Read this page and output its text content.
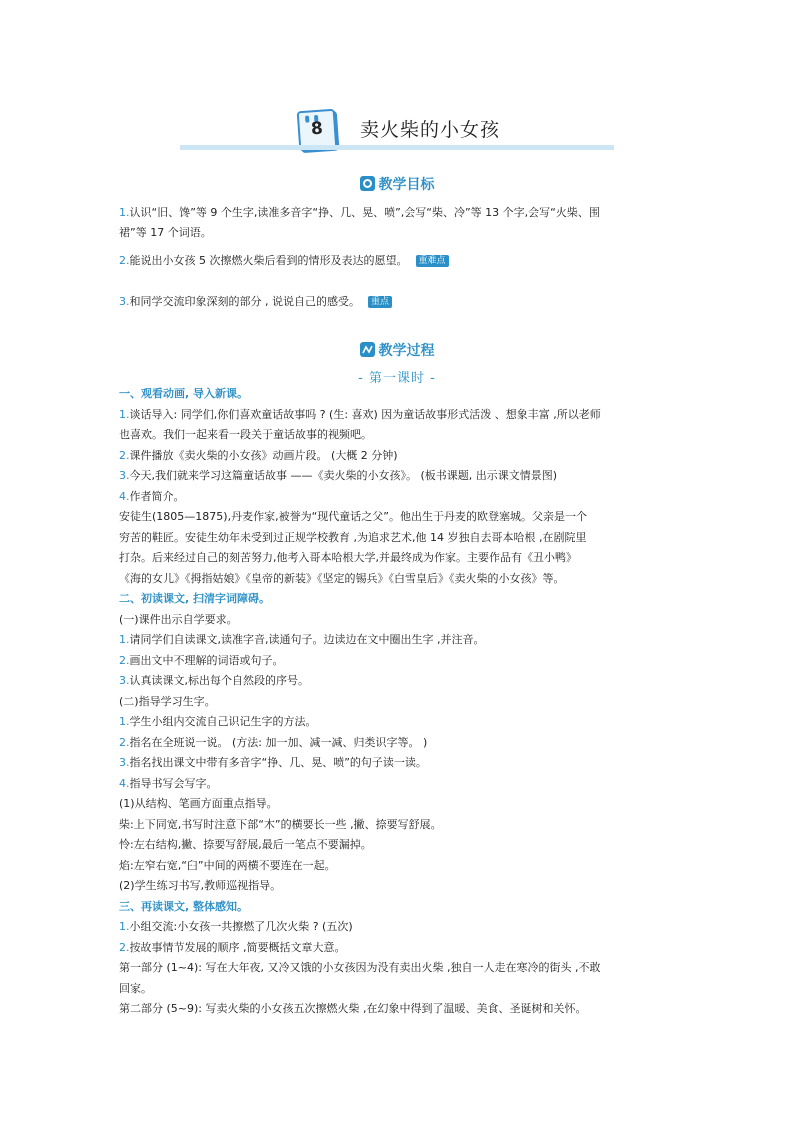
8	卖火柴的小女孩
教学目标
1.认识“旧、馋”等 9 个生字,读准多音字“挣、几、晃、喷”,会写“柴、冷”等 13 个字,会写“火柴、围
裙”等 17 个词语。
2.能说出小女孩 5 次擦燃火柴后看到的情形及表达的愿望。 重难点
3.和同学交流印象深刻的部分 , 说说自己的感受。 重点
教学过程
- 第一课时 -
一、观看动画, 导入新课。
1.谈话导入: 同学们,你们喜欢童话故事吗 ? (生: 喜欢) 因为童话故事形式活泼 、想象丰富 ,所以老师
也喜欢。我们一起来看一段关于童话故事的视频吧。
2.课件播放《卖火柴的小女孩》动画片段。 (大概 2 分钟)
3.今天,我们就来学习这篇童话故事 ——《卖火柴的小女孩》。 (板书课题, 出示课文情景图)
4.作者简介。
安徒生(1805—1875),丹麦作家,被誉为“现代童话之父”。他出生于丹麦的欧登塞城。父亲是一个
穷苦的鞋匠。安徒生幼年未受到过正规学校教育 ,为追求艺术,他 14 岁独自去哥本哈根 ,在剧院里
打杂。后来经过自己的刻苦努力,他考入哥本哈根大学,并最终成为作家。主要作品有《丑小鸭》
《海的女儿》《拇指姑娘》《皇帝的新装》《坚定的锡兵》《白雪皇后》《卖火柴的小女孩》等。
二、初读课文, 扫清字词障碍。
(一)课件出示自学要求。
1.请同学们自读课文,读准字音,读通句子。边读边在文中圈出生字 ,并注音。
2.画出文中不理解的词语或句子。
3.认真读课文,标出每个自然段的序号。
(二)指导学习生字。
1.学生小组内交流自己识记生字的方法。
2.指名在全班说一说。 (方法: 加一加、减一减、归类识字等。 )
3.指名找出课文中带有多音字“挣、几、晃、喷”的句子读一读。
4.指导书写会写字。
(1)从结构、笔画方面重点指导。
柴:上下同宽,书写时注意下部“木”的横要长一些 ,撇、捺要写舒展。
怜:左右结构,撇、捺要写舒展,最后一笔点不要漏掉。
焰:左窄右宽,“臼”中间的两横不要连在一起。
(2)学生练习书写,教师巡视指导。
三、再读课文, 整体感知。
1.小组交流:小女孩一共擦燃了几次火柴 ? (五次)
2.按故事情节发展的顺序 ,简要概括文章大意。
第一部分 (1~4): 写在大年夜, 又冷又饿的小女孩因为没有卖出火柴 ,独自一人走在寒冷的街头 ,不敢
回家。
第二部分 (5~9): 写卖火柴的小女孩五次擦燃火柴 ,在幻象中得到了温暖、美食、圣诞树和关怀。
